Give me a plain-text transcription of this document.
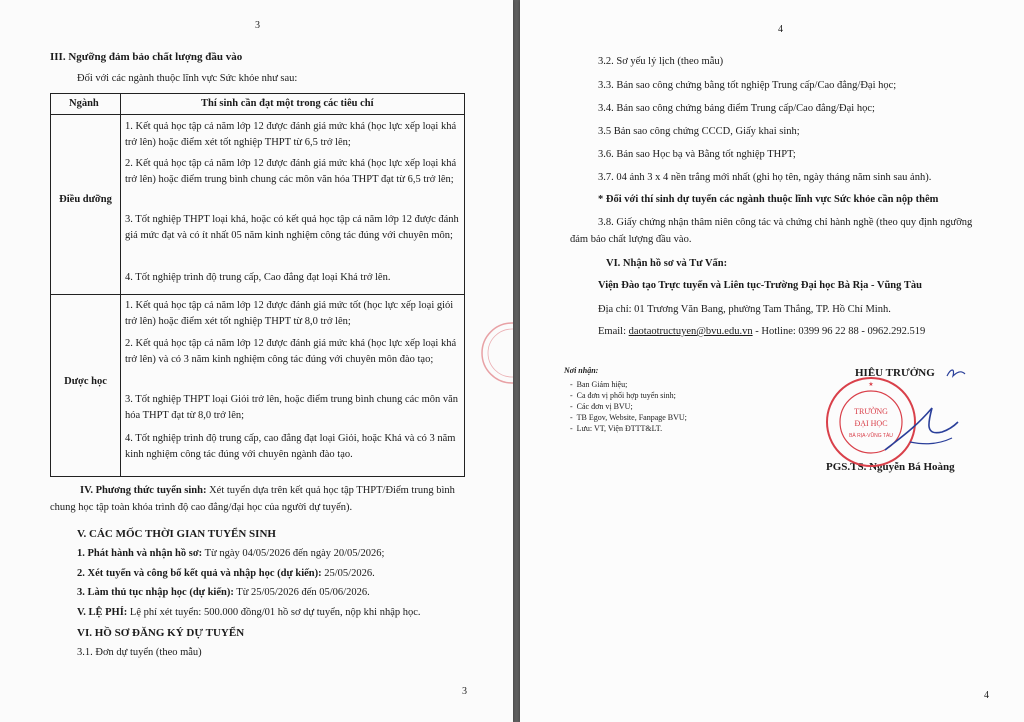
3
III. Ngưỡng đảm bảo chất lượng đầu vào
Đối với các ngành thuộc lĩnh vực Sức khỏe như sau:
Ngành	Thí sinh cần đạt một trong các tiêu chí
Điều dưỡng
1. Kết quả học tập cả năm lớp 12 được đánh giá mức khá (học lực xếp loại khá trở lên) hoặc điểm xét tốt nghiệp THPT từ 6,5 trở lên;
2. Kết quả học tập cả năm lớp 12 được đánh giá mức khá (học lực xếp loại khá trở lên) hoặc điểm trung bình chung các môn văn hóa THPT đạt từ 6,5 trở lên;
3. Tốt nghiệp THPT loại khá, hoặc có kết quả học tập cả năm lớp 12 được đánh giá mức đạt và có ít nhất 05 năm kinh nghiệm công tác đúng với chuyên môn;
4. Tốt nghiệp trình độ trung cấp, Cao đẳng đạt loại Khá trở lên.
Dược học
1. Kết quả học tập cả năm lớp 12 được đánh giá mức tốt (học lực xếp loại giỏi trở lên) hoặc điểm xét tốt nghiệp THPT từ 8,0 trở lên;
2. Kết quả học tập cả năm lớp 12 được đánh giá mức khá (học lực xếp loại khá trở lên) và có 3 năm kinh nghiệm công tác đúng với chuyên môn đào tạo;
3. Tốt nghiệp THPT loại Giỏi trở lên, hoặc điểm trung bình chung các môn văn hóa THPT đạt từ 8,0 trở lên;
4. Tốt nghiệp trình độ trung cấp, cao đẳng đạt loại Giỏi, hoặc Khá và có 3 năm kinh nghiệm công tác đúng với chuyên ngành đào tạo.
IV. Phương thức tuyển sinh: Xét tuyển dựa trên kết quả học tập THPT/Điểm trung bình chung học tập toàn khóa trình độ cao đẳng/đại học của người dự tuyển).
V. CÁC MỐC THỜI GIAN TUYỂN SINH
1. Phát hành và nhận hồ sơ: Từ ngày 04/05/2026 đến ngày 20/05/2026;
2. Xét tuyển và công bố kết quả và nhập học (dự kiến): 25/05/2026.
3. Làm thủ tục nhập học (dự kiến): Từ 25/05/2026 đến 05/06/2026.
V. LỆ PHÍ: Lệ phí xét tuyển: 500.000 đồng/01 hồ sơ dự tuyển, nộp khi nhập học.
VI. HỒ SƠ ĐĂNG KÝ DỰ TUYỂN
3.1. Đơn dự tuyển (theo mẫu)
3
4
3.2. Sơ yếu lý lịch (theo mẫu)
3.3. Bản sao công chứng bằng tốt nghiệp Trung cấp/Cao đẳng/Đại học;
3.4. Bản sao công chứng bảng điểm Trung cấp/Cao đẳng/Đại học;
3.5 Bản sao công chứng CCCD, Giấy khai sinh;
3.6. Bản sao Học bạ và Bằng tốt nghiệp THPT;
3.7. 04 ảnh 3 x 4 nền trắng mới nhất (ghi họ tên, ngày tháng năm sinh sau ảnh).
* Đối với thí sinh dự tuyển các ngành thuộc lĩnh vực Sức khỏe cần nộp thêm
3.8. Giấy chứng nhận thâm niên công tác và chứng chỉ hành nghề (theo quy định ngưỡng đảm bảo chất lượng đầu vào.
VI. Nhận hồ sơ và Tư Vấn:
Viện Đào tạo Trực tuyến và Liên tục-Trường Đại học Bà Rịa - Vũng Tàu
Địa chỉ: 01 Trương Văn Bang, phường Tam Thắng, TP. Hồ Chí Minh.
Email: daotaotructuyen@bvu.edu.vn - Hotline: 0399 96 22 88 - 0962.292.519
Nơi nhận:
-  Ban Giám hiệu;
-  Ca đơn vị phối hợp tuyển sinh;
-  Các đơn vị BVU;
-  TB Egov, Website, Fanpage BVU;
-  Lưu: VT, Viện ĐTTT&LT.
HIỆU TRƯỞNG
PGS.TS. Nguyễn Bá Hoàng
4
TRƯỜNG
ĐẠI HỌC
BÀ RỊA-VŨNG TÀU
★
